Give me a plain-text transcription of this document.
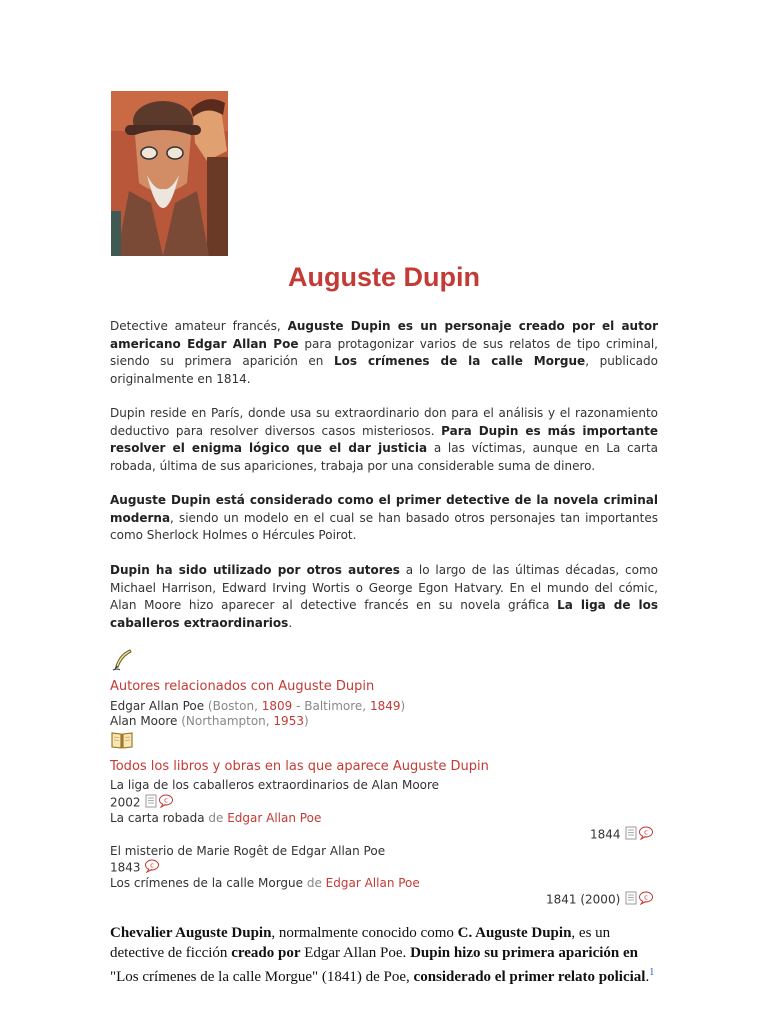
Auguste Dupin

Detective amateur francés, Auguste Dupin es un personaje creado por el autor americano Edgar Allan Poe para protagonizar varios de sus relatos de tipo criminal, siendo su primera aparición en Los crímenes de la calle Morgue, publicado originalmente en 1814.

Dupin reside en París, donde usa su extraordinario don para el análisis y el razonamiento deductivo para resolver diversos casos misteriosos. Para Dupin es más importante resolver el enigma lógico que el dar justicia a las víctimas, aunque en La carta robada, última de sus apariciones, trabaja por una considerable suma de dinero.

Auguste Dupin está considerado como el primer detective de la novela criminal moderna, siendo un modelo en el cual se han basado otros personajes tan importantes como Sherlock Holmes o Hércules Poirot.

Dupin ha sido utilizado por otros autores a lo largo de las últimas décadas, como Michael Harrison, Edward Irving Wortis o George Egon Hatvary. En el mundo del cómic, Alan Moore hizo aparecer al detective francés en su novela gráfica La liga de los caballeros extraordinarios.

Autores relacionados con Auguste Dupin
Edgar Allan Poe (Boston, 1809 - Baltimore, 1849)
Alan Moore (Northampton, 1953)
Todos los libros y obras en las que aparece Auguste Dupin
La liga de los caballeros extraordinarios de Alan Moore
2002	c
La carta robada de Edgar Allan Poe
1844	c
El misterio de Marie Rogêt de Edgar Allan Poe
1843 c
Los crímenes de la calle Morgue de Edgar Allan Poe
1841 (2000)	c

Chevalier Auguste Dupin, normalmente conocido como C. Auguste Dupin, es un detective de ficción creado por Edgar Allan Poe. Dupin hizo su primera aparición en "Los crímenes de la calle Morgue" (1841) de Poe, considerado el primer relato policial.$^1$
